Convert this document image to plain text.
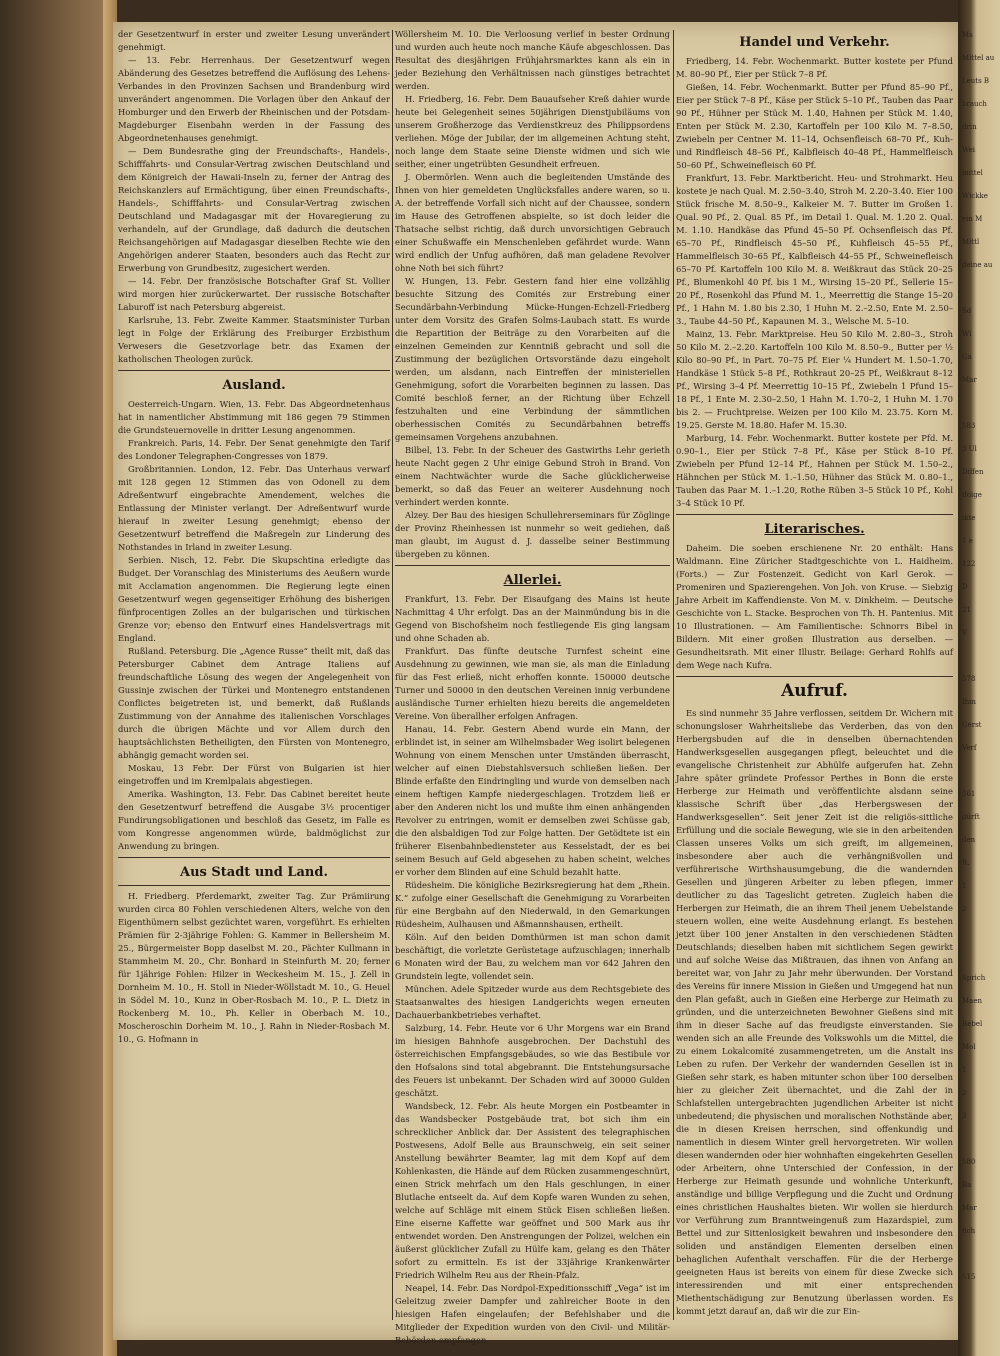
der Gesetzentwurf in erster und zweiter Lesung unverändert genehmigt.

— 13. Febr. Herrenhaus. Der Gesetzentwurf wegen Abänderung des Gesetzes betreffend die Auflösung des Lehens-Verbandes in den Provinzen Sachsen und Brandenburg wird unverändert angenommen. Die Vorlagen über den Ankauf der Homburger und den Erwerb der Rheinischen und der Potsdam-Magdeburger Eisenbahn werden in der Fassung des Abgeordnetenhauses genehmigt.

— Dem Bundesrathe ging der Freundschafts-, Handels-, Schifffahrts- und Consular-Vertrag zwischen Deutschland und dem Königreich der Hawaii-Inseln zu, ferner der Antrag des Reichskanzlers auf Ermächtigung, über einen Freundschafts-, Handels-, Schifffahrts- und Consular-Vertrag zwischen Deutschland und Madagasgar mit der Hovaregierung zu verhandeln, auf der Grundlage, daß dadurch die deutschen Reichsangehörigen auf Madagasgar dieselben Rechte wie den Angehörigen anderer Staaten, besonders auch das Recht zur Erwerbung von Grundbesitz, zugesichert werden.

— 14. Febr. Der französische Botschafter Graf St. Vollier wird morgen hier zurückerwartet. Der russische Botschafter Laburoff ist nach Petersburg abgereist.

Karlsruhe, 13. Febr. Zweite Kammer. Staatsminister Turban legt in Folge der Erklärung des Freiburger Erzbisthum Verwesers die Gesetzvorlage betr. das Examen der katholischen Theologen zurück.

Ausland.

Oesterreich-Ungarn. Wien, 13. Febr. Das Abgeordnetenhaus hat in namentlicher Abstimmung mit 186 gegen 79 Stimmen die Grundsteuernovelle in dritter Lesung angenommen.

Frankreich. Paris, 14. Febr. Der Senat genehmigte den Tarif des Londoner Telegraphen-Congresses von 1879.

Großbritannien. London, 12. Febr. Das Unterhaus verwarf mit 128 gegen 12 Stimmen das von Odonell zu dem Adreßentwurf eingebrachte Amendement, welches die Entlassung der Minister verlangt. Der Adreßentwurf wurde hierauf in zweiter Lesung genehmigt; ebenso der Gesetzentwurf betreffend die Maßregeln zur Linderung des Nothstandes in Irland in zweiter Lesung.

Serbien. Nisch, 12. Febr. Die Skupschtina erledigte das Budget. Der Voranschlag des Ministeriums des Aeußern wurde mit Acclamation angenommen. Die Regierung legte einen Gesetzentwurf wegen gegenseitiger Erhöhung des bisherigen fünfprocentigen Zolles an der bulgarischen und türkischen Grenze vor; ebenso den Entwurf eines Handelsvertrags mit England.

Rußland. Petersburg. Die „Agence Russe“ theilt mit, daß das Petersburger Cabinet dem Antrage Italiens auf freundschaftliche Lösung des wegen der Angelegenheit von Gussinje zwischen der Türkei und Montenegro entstandenen Conflictes beigetreten ist, und bemerkt, daß Rußlands Zustimmung von der Annahme des italienischen Vorschlages durch die übrigen Mächte und vor Allem durch den hauptsächlichsten Betheiligten, den Fürsten von Montenegro, abhängig gemacht worden sei.

Moskau, 13 Febr. Der Fürst von Bulgarien ist hier eingetroffen und im Kremlpalais abgestiegen.

Amerika. Washington, 13. Febr. Das Cabinet bereitet heute den Gesetzentwurf betreffend die Ausgabe 3½ procentiger Fundirungsobligationen und beschloß das Gesetz, im Falle es vom Kongresse angenommen würde, baldmöglichst zur Anwendung zu bringen.

Aus Stadt und Land.

H. Friedberg. Pferdemarkt, zweiter Tag. Zur Prämiirung wurden circa 80 Fohlen verschiedenen Alters, welche von den Eigenthümern selbst gezüchtet waren, vorgeführt. Es erhielten Prämien für 2-3jährige Fohlen: G. Kammer in Bellersheim M. 25., Bürgermeister Bopp daselbst M. 20., Pächter Kullmann in Stammheim M. 20., Chr. Bonhard in Steinfurth M. 20; ferner für 1jährige Fohlen: Hilzer in Weckesheim M. 15., J. Zell in Dornheim M. 10., H. Stoll in Nieder-Wöllstadt M. 10., G. Heuel in Södel M. 10., Kunz in Ober-Rosbach M. 10., P. L. Dietz in Rockenberg M. 10., Ph. Keller in Oberbach M. 10., Moscheroschin Dorheim M. 10., J. Rahn in Nieder-Rosbach M. 10., G. Hofmann in

Wöllersheim M. 10. Die Verloosung verlief in bester Ordnung und wurden auch heute noch manche Käufe abgeschlossen. Das Resultat des diesjährigen Frühjahrsmarktes kann als ein in jeder Beziehung den Verhältnissen nach günstiges betrachtet werden.

H. Friedberg, 16. Febr. Dem Bauaufseher Kreß dahier wurde heute bei Gelegenheit seines 50jährigen Dienstjubiläums von unserem Großherzoge das Verdienstkreuz des Philippsordens verliehen. Möge der Jubilar, der im allgemeinen Achtung steht, noch lange dem Staate seine Dienste widmen und sich wie seither, einer ungetrübten Gesundheit erfreuen.

J. Obermörlen. Wenn auch die begleitenden Umstände des Ihnen von hier gemeldeten Unglücksfalles andere waren, so u. A. der betreffende Vorfall sich nicht auf der Chaussee, sondern im Hause des Getroffenen abspielte, so ist doch leider die Thatsache selbst richtig, daß durch unvorsichtigen Gebrauch einer Schußwaffe ein Menschenleben gefährdet wurde. Wann wird endlich der Unfug aufhören, daß man geladene Revolver ohne Noth bei sich führt?

W. Hungen, 13. Febr. Gestern fand hier eine vollzählig besuchte Sitzung des Comités zur Erstrebung einer Secundärbahn-Verbindung Mücke-Hungen-Echzell-Friedberg unter dem Vorsitz des Grafen Solms-Laubach statt. Es wurde die Repartition der Beiträge zu den Vorarbeiten auf die einzelnen Gemeinden zur Kenntniß gebracht und soll die Zustimmung der bezüglichen Ortsvorstände dazu eingeholt werden, um alsdann, nach Eintreffen der ministeriellen Genehmigung, sofort die Vorarbeiten beginnen zu lassen. Das Comité beschloß ferner, an der Richtung über Echzell festzuhalten und eine Verbindung der sämmtlichen oberhessischen Comités zu Secundärbahnen betreffs gemeinsamen Vorgehens anzubahnen.

Bilbel, 13. Febr. In der Scheuer des Gastwirths Lehr gerieth heute Nacht gegen 2 Uhr einige Gebund Stroh in Brand. Von einem Nachtwächter wurde die Sache glücklicherweise bemerkt, so daß das Feuer an weiterer Ausdehnung noch verhindert werden konnte.

Alzey. Der Bau des hiesigen Schullehrerseminars für Zöglinge der Provinz Rheinhessen ist nunmehr so weit gediehen, daß man glaubt, im August d. J. dasselbe seiner Bestimmung übergeben zu können.

Allerlei.

Frankfurt, 13. Febr. Der Eisaufgang des Mains ist heute Nachmittag 4 Uhr erfolgt. Das an der Mainmündung bis in die Gegend von Bischofsheim noch festliegende Eis ging langsam und ohne Schaden ab.

Frankfurt. Das fünfte deutsche Turnfest scheint eine Ausdehnung zu gewinnen, wie man sie, als man die Einladung für das Fest erließ, nicht erhoffen konnte. 150000 deutsche Turner und 50000 in den deutschen Vereinen innig verbundene ausländische Turner erhielten hiezu bereits die angemeldeten Vereine. Von überallher erfolgen Anfragen.

Hanau, 14. Febr. Gestern Abend wurde ein Mann, der erblindet ist, in seiner am Wilhelmsbader Weg isolirt belegenen Wohnung von einem Menschen unter Umständen überrascht, welcher auf einen Diebstahlsversuch schließen ließen. Der Blinde erfaßte den Eindringling und wurde von demselben nach einem heftigen Kampfe niedergeschlagen. Trotzdem ließ er aber den Anderen nicht los und mußte ihm einen anhängenden Revolver zu entringen, womit er demselben zwei Schüsse gab, die den alsbaldigen Tod zur Folge hatten. Der Getödtete ist ein früherer Eisenbahnbediensteter aus Kesselstadt, der es bei seinem Besuch auf Geld abgesehen zu haben scheint, welches er vorher dem Blinden auf eine Schuld bezahlt hatte.

Rüdesheim. Die königliche Bezirksregierung hat dem „Rhein. K.“ zufolge einer Gesellschaft die Genehmigung zu Vorarbeiten für eine Bergbahn auf den Niederwald, in den Gemarkungen Rüdesheim, Aulhausen und Aßmannshausen, ertheilt.

Köln. Auf den beiden Domthürmen ist man schon damit beschäftigt, die vorletzte Gerüstetage aufzuschlagen; innerhalb 6 Monaten wird der Bau, zu welchem man vor 642 Jahren den Grundstein legte, vollendet sein.

München. Adele Spitzeder wurde aus dem Rechtsgebiete des Staatsanwaltes des hiesigen Landgerichts wegen erneuten Dachauerbankbetriebes verhaftet.

Salzburg, 14. Febr. Heute vor 6 Uhr Morgens war ein Brand im hiesigen Bahnhofe ausgebrochen. Der Dachstuhl des österreichischen Empfangsgebäudes, so wie das Bestibule vor den Hofsalons sind total abgebrannt. Die Entstehungsursache des Feuers ist unbekannt. Der Schaden wird auf 30000 Gulden geschätzt.

Wandsbeck, 12. Febr. Als heute Morgen ein Postbeamter in das Wandsbecker Postgebäude trat, bot sich ihm ein schrecklicher Anblick dar. Der Assistent des telegraphischen Postwesens, Adolf Belle aus Braunschweig, ein seit seiner Anstellung bewährter Beamter, lag mit dem Kopf auf dem Kohlenkasten, die Hände auf dem Rücken zusammengeschnürt, einen Strick mehrfach um den Hals geschlungen, in einer Blutlache entseelt da. Auf dem Kopfe waren Wunden zu sehen, welche auf Schläge mit einem Stück Eisen schließen ließen. Eine eiserne Kaffette war geöffnet und 500 Mark aus ihr entwendet worden. Den Anstrengungen der Polizei, welchen ein äußerst glücklicher Zufall zu Hülfe kam, gelang es den Thäter sofort zu ermitteln. Es ist der 33jährige Krankenwärter Friedrich Wilhelm Reu aus der Rhein-Pfalz.

Neapel, 14. Febr. Das Nordpol-Expeditionsschiff „Vega“ ist im Geleitzug zweier Dampfer und zahlreicher Boote in den hiesigen Hafen eingelaufen; der Befehlshaber und die Mitglieder der Expedition wurden von den Civil- und Militär-Behörden empfangen.

Handel und Verkehr.

Friedberg, 14. Febr. Wochenmarkt. Butter kostete per Pfund M. 80–90 Pf., Eier per Stück 7–8 Pf.

Gießen, 14. Febr. Wochenmarkt. Butter per Pfund 85–90 Pf., Eier per Stück 7–8 Pf., Käse per Stück 5–10 Pf., Tauben das Paar 90 Pf., Hühner per Stück M. 1.40, Hahnen per Stück M. 1.40, Enten per Stück M. 2.30, Kartoffeln per 100 Kilo M. 7–8.50, Zwiebeln per Centner M. 11–14, Ochsenfleisch 68–70 Pf., Kuh- und Rindfleisch 48–56 Pf., Kalbfleisch 40–48 Pf., Hammelfleisch 50–60 Pf., Schweinefleisch 60 Pf.

Frankfurt, 13. Febr. Marktbericht. Heu- und Strohmarkt. Heu kostete je nach Qual. M. 2.50–3.40, Stroh M. 2.20–3.40. Eier 100 Stück frische M. 8.50–9., Kalkeier M. 7. Butter im Großen 1. Qual. 90 Pf., 2. Qual. 85 Pf., im Detail 1. Qual. M. 1.20 2. Qual. M. 1.10. Handkäse das Pfund 45–50 Pf. Ochsenfleisch das Pf. 65–70 Pf., Rindfleisch 45–50 Pf., Kuhfleisch 45–55 Pf., Hammelfleisch 30–65 Pf., Kalbfleisch 44–55 Pf., Schweinefleisch 65–70 Pf. Kartoffeln 100 Kilo M. 8. Weißkraut das Stück 20–25 Pf., Blumenkohl 40 Pf. bis 1 M., Wirsing 15–20 Pf., Sellerie 15–20 Pf., Rosenkohl das Pfund M. 1., Meerrettig die Stange 15–20 Pf., 1 Hahn M. 1.80 bis 2.30, 1 Huhn M. 2.–2.50, Ente M. 2.50–3., Taube 44–50 Pf., Kapaunen M. 3., Welsche M. 5–10.

Mainz, 13. Febr. Marktpreise. Heu 50 Kilo M. 2.80–3., Stroh 50 Kilo M. 2.–2.20. Kartoffeln 100 Kilo M. 8.50–9., Butter per ½ Kilo 80–90 Pf., in Part. 70–75 Pf. Eier ¼ Hundert M. 1.50–1.70, Handkäse 1 Stück 5–8 Pf., Rothkraut 20–25 Pf., Weißkraut 8–12 Pf., Wirsing 3–4 Pf. Meerrettig 10–15 Pf., Zwiebeln 1 Pfund 15–18 Pf., 1 Ente M. 2.30–2.50, 1 Hahn M. 1.70–2, 1 Huhn M. 1.70 bis 2. — Fruchtpreise. Weizen per 100 Kilo M. 23.75. Korn M. 19.25. Gerste M. 18.80. Hafer M. 15.30.

Marburg, 14. Febr. Wochenmarkt. Butter kostete per Pfd. M. 0.90–1., Eier per Stück 7–8 Pf., Käse per Stück 8–10 Pf. Zwiebeln per Pfund 12–14 Pf., Hahnen per Stück M. 1.50–2., Hähnchen per Stück M. 1.–1.50, Hühner das Stück M. 0.80–1., Tauben das Paar M. 1.–1.20, Rothe Rüben 3–5 Stück 10 Pf., Kohl 3–4 Stück 10 Pf.

Literarisches.

Daheim. Die soeben erschienene Nr. 20 enthält: Hans Waldmann. Eine Züricher Stadtgeschichte von L. Haidheim. (Forts.) — Zur Fostenzeit. Gedicht von Karl Gerok. — Promeniren und Spazierengehen. Von Joh. von Kruse. — Siebzig Jahre Arbeit im Kaffendienste. Von M. v. Dinkheim. — Deutsche Geschichte von L. Stacke. Besprochen von Th. H. Pantenius. Mit 10 Illustrationen. — Am Familientische: Schnorrs Bibel in Bildern. Mit einer großen Illustration aus derselben. — Gesundheitsrath. Mit einer Illustr. Beilage: Gerhard Rohlfs auf dem Wege nach Kufra.

Aufruf.

Es sind nunmehr 35 Jahre verflossen, seitdem Dr. Wichern mit schonungsloser Wahrheitsliebe das Verderben, das von den Herbergsbuden auf die in denselben übernachtenden Handwerksgesellen ausgegangen pflegt, beleuchtet und die evangelische Christenheit zur Abhülfe aufgerufen hat. Zehn Jahre später gründete Professor Perthes in Bonn die erste Herberge zur Heimath und veröffentlichte alsdann seine klassische Schrift über „das Herbergswesen der Handwerksgesellen“. Seit jener Zeit ist die religiös-sittliche Erfüllung und die sociale Bewegung, wie sie in den arbeitenden Classen unseres Volks um sich greift, im allgemeinen, insbesondere aber auch die verhängnißvollen und verführerische Wirthshausumgebung, die die wandernden Gesellen und jüngeren Arbeiter zu leben pflegen, immer deutlicher zu das Tageslicht getreten. Zugleich haben die Herbergen zur Heimath, die an ihrem Theil jenem Uebelstande steuern wollen, eine weite Ausdehnung erlangt. Es bestehen jetzt über 100 jener Anstalten in den verschiedenen Städten Deutschlands; dieselben haben mit sichtlichem Segen gewirkt und auf solche Weise das Mißtrauen, das ihnen von Anfang an bereitet war, von Jahr zu Jahr mehr überwunden. Der Vorstand des Vereins für innere Mission in Gießen und Umgegend hat nun den Plan gefaßt, auch in Gießen eine Herberge zur Heimath zu gründen, und die unterzeichneten Bewohner Gießens sind mit ihm in dieser Sache auf das freudigste einverstanden. Sie wenden sich an alle Freunde des Volkswohls um die Mittel, die zu einem Lokalcomité zusammengetreten, um die Anstalt ins Leben zu rufen. Der Verkehr der wandernden Gesellen ist in Gießen sehr stark, es haben mitunter schon über 100 derselben hier zu gleicher Zeit übernachtet, und die Zahl der in Schlafstellen untergebrachten jugendlichen Arbeiter ist nicht unbedeutend; die physischen und moralischen Nothstände aber, die in diesen Kreisen herrschen, sind offenkundig und namentlich in diesem Winter grell hervorgetreten. Wir wollen diesen wandernden oder hier wohnhaften eingekehrten Gesellen oder Arbeitern, ohne Unterschied der Confession, in der Herberge zur Heimath gesunde und wohnliche Unterkunft, anständige und billige Verpflegung und die Zucht und Ordnung eines christlichen Haushaltes bieten. Wir wollen sie hierdurch vor Verführung zum Branntweingenuß zum Hazardspiel, zum Bettel und zur Sittenlosigkeit bewahren und insbesondere den soliden und anständigen Elementen derselben einen behaglichen Aufenthalt verschaffen. Für die der Herberge geeigneten Haus ist bereits von einem für diese Zwecke sich interessirenden und mit einer entsprechenden Miethentschädigung zur Benutzung überlassen worden. Es kommt jetzt darauf an, daß wir die zur Ein-

Ms
Mittel au
Leuts B
brauch
drin
Wei
mittel
Wickke
ein M
Mittl
deine au
Sd
Wi
Ga
Mar
583
3 Ul
Diffen
ifolge
ikte
1 e
122
D
21
V
578
Ihm
Gerst
Verf
561
dürft
den
R.
1
2
Sprich
Maen
Rebel
Mol
1
2
3
580
Ba
Mar
fich
515
